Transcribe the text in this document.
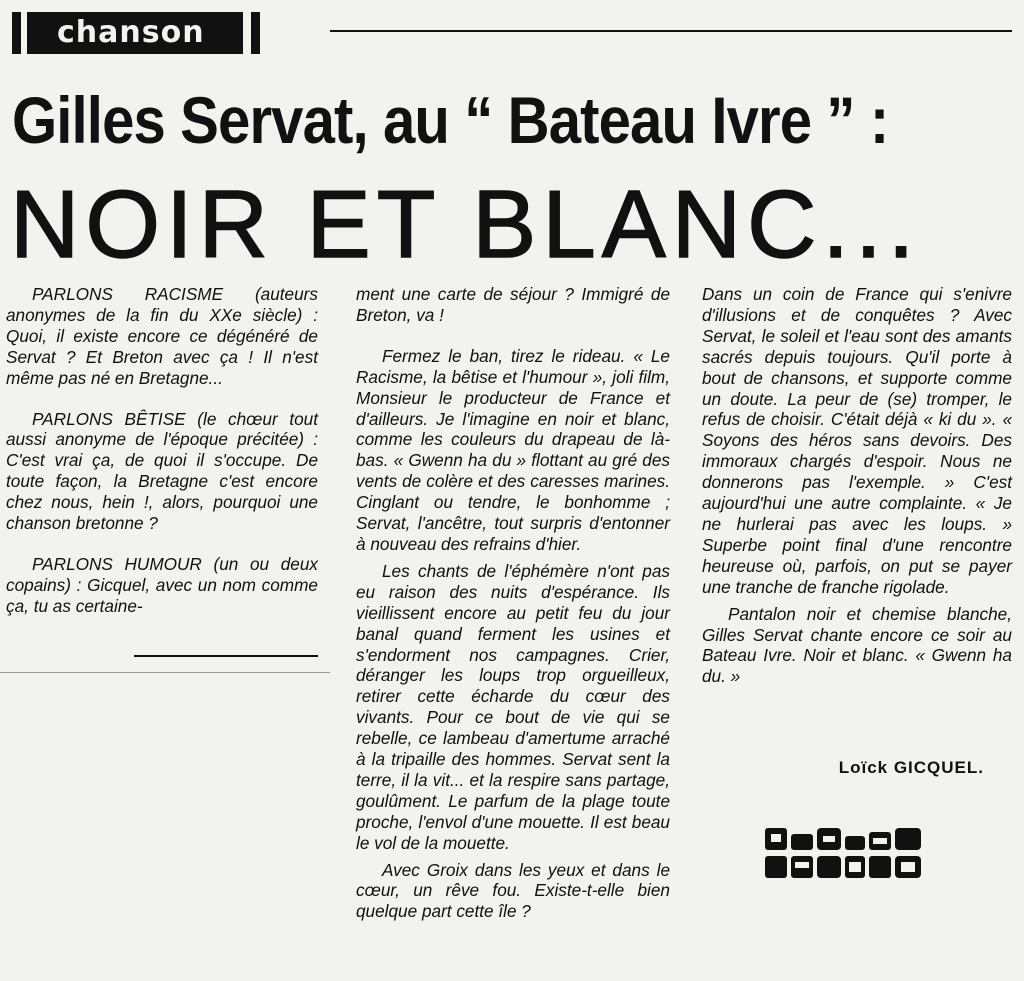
chanson
Gilles Servat, au “ Bateau Ivre ” :
NOIR ET BLANC...

PARLONS RACISME (auteurs anonymes de la fin du XXe siècle) : Quoi, il existe encore ce dégénéré de Servat ? Et Breton avec ça ! Il n'est même pas né en Bretagne...

PARLONS BÊTISE (le chœur tout aussi anonyme de l'époque précitée) : C'est vrai ça, de quoi il s'occupe. De toute façon, la Bretagne c'est encore chez nous, hein !, alors, pourquoi une chanson bretonne ?

PARLONS HUMOUR (un ou deux copains) : Gicquel, avec un nom comme ça, tu as certaine-

ment une carte de séjour ? Immigré de Breton, va !

Fermez le ban, tirez le rideau. « Le Racisme, la bêtise et l'humour », joli film, Monsieur le producteur de France et d'ailleurs. Je l'imagine en noir et blanc, comme les couleurs du drapeau de là-bas. « Gwenn ha du » flottant au gré des vents de colère et des caresses marines. Cinglant ou tendre, le bonhomme ; Servat, l'ancêtre, tout surpris d'entonner à nouveau des refrains d'hier.

Les chants de l'éphémère n'ont pas eu raison des nuits d'espérance. Ils vieillissent encore au petit feu du jour banal quand ferment les usines et s'endorment nos campagnes. Crier, déranger les loups trop orgueilleux, retirer cette écharde du cœur des vivants. Pour ce bout de vie qui se rebelle, ce lambeau d'amertume arraché à la tripaille des hommes. Servat sent la terre, il la vit... et la respire sans partage, goulûment. Le parfum de la plage toute proche, l'envol d'une mouette. Il est beau le vol de la mouette.

Avec Groix dans les yeux et dans le cœur, un rêve fou. Existe-t-elle bien quelque part cette île ?

Dans un coin de France qui s'enivre d'illusions et de conquêtes ? Avec Servat, le soleil et l'eau sont des amants sacrés depuis toujours. Qu'il porte à bout de chansons, et supporte comme un doute. La peur de (se) tromper, le refus de choisir. C'était déjà « ki du ». « Soyons des héros sans devoirs. Des immoraux chargés d'espoir. Nous ne donnerons pas l'exemple. » C'est aujourd'hui une autre complainte. « Je ne hurlerai pas avec les loups. » Superbe point final d'une rencontre heureuse où, parfois, on put se payer une tranche de franche rigolade.

Pantalon noir et chemise blanche, Gilles Servat chante encore ce soir au Bateau Ivre. Noir et blanc. « Gwenn ha du. »

Loïck GICQUEL.
